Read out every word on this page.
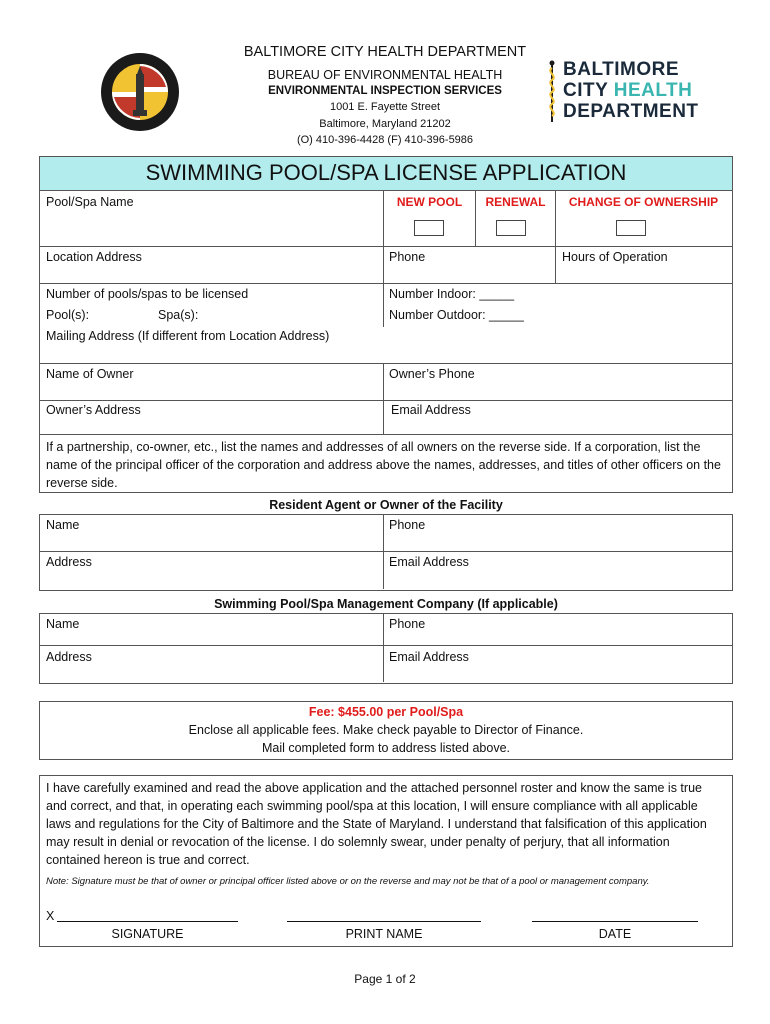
BALTIMORE CITY HEALTH DEPARTMENT
BUREAU OF ENVIRONMENTAL HEALTH
ENVIRONMENTAL INSPECTION SERVICES
1001 E. Fayette Street
Baltimore, Maryland 21202
(O) 410-396-4428 (F) 410-396-5986
BALTIMORE
CITY HEALTH
DEPARTMENT
SWIMMING POOL/SPA LICENSE APPLICATION
Pool/Spa Name	NEW POOL	RENEWAL	CHANGE OF OWNERSHIP
Location Address	Phone	Hours of Operation
Number of pools/spas to be licensed
Pool(s):	Spa(s):
Number Indoor: _____
Number Outdoor: _____
Mailing Address (If different from Location Address)
Name of Owner	Owner’s Phone
Owner’s Address	Email Address
If a partnership, co-owner, etc., list the names and addresses of all owners on the reverse side. If a corporation, list the name of the principal officer of the corporation and address above the names, addresses, and titles of other officers on the reverse side.
Resident Agent or Owner of the Facility
Name	Phone
Address	Email Address
Swimming Pool/Spa Management Company (If applicable)
Name	Phone
Address	Email Address
Fee: $455.00 per Pool/Spa
Enclose all applicable fees. Make check payable to Director of Finance.
Mail completed form to address listed above.
I have carefully examined and read the above application and the attached personnel roster and know the same is true and correct, and that, in operating each swimming pool/spa at this location, I will ensure compliance with all applicable laws and regulations for the City of Baltimore and the State of Maryland. I understand that falsification of this application may result in denial or revocation of the license. I do solemnly swear, under penalty of perjury, that all information contained hereon is true and correct.
Note: Signature must be that of owner or principal officer listed above or on the reverse and may not be that of a pool or management company.
X
SIGNATURE	PRINT NAME	DATE
Page 1 of 2
